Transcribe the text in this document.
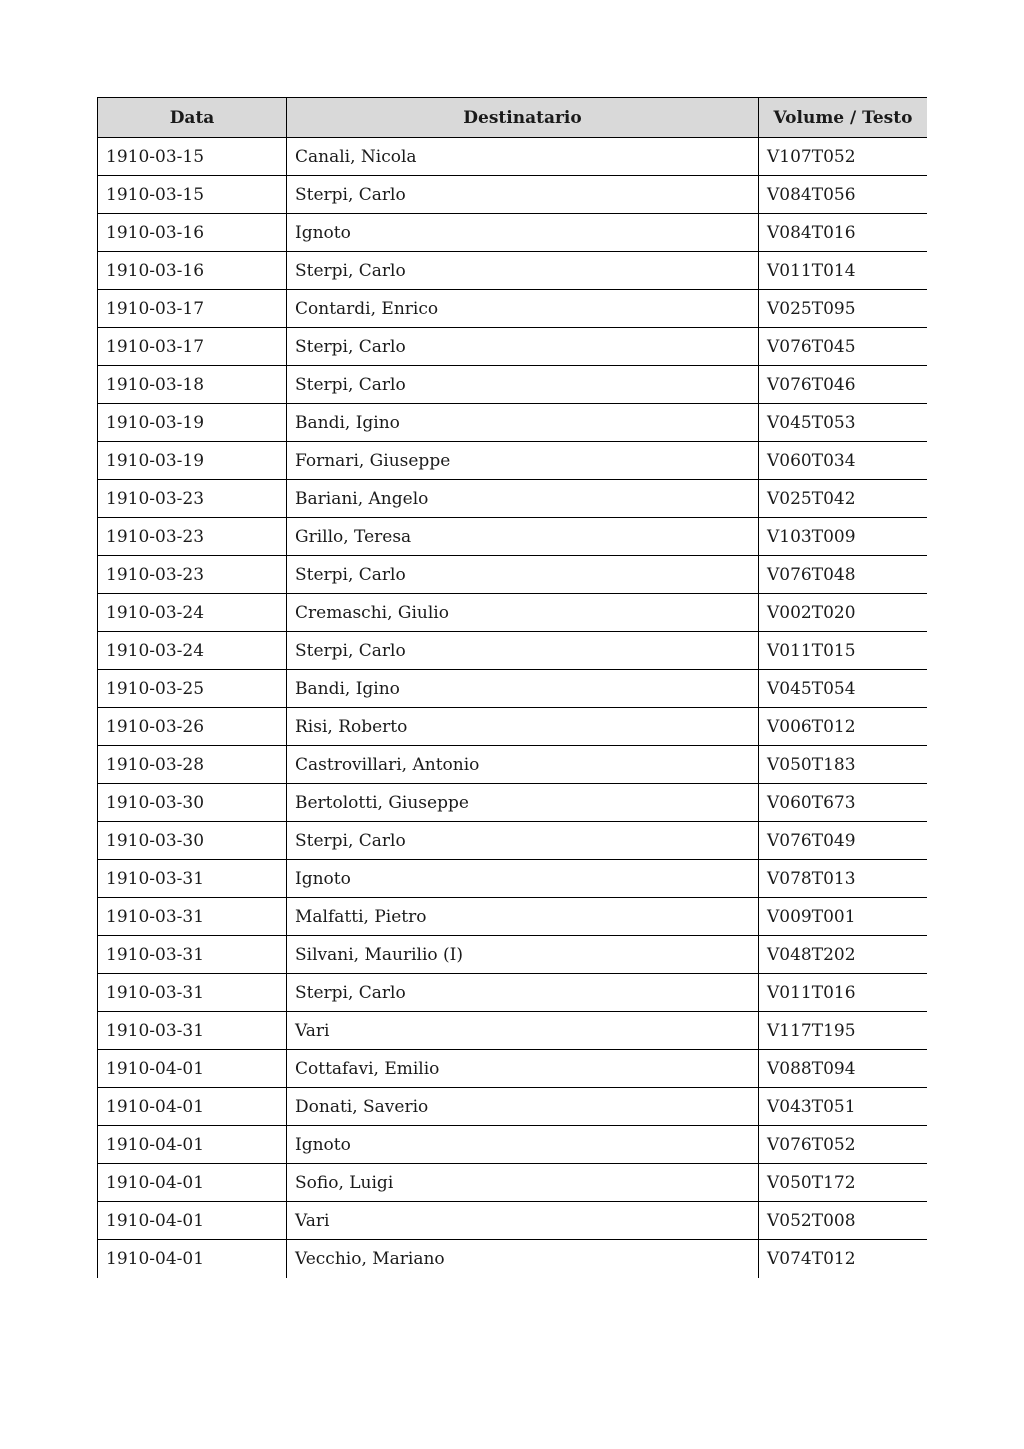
Data	Destinatario	Volume / Testo
1910-03-15	Canali, Nicola	V107T052
1910-03-15	Sterpi, Carlo	V084T056
1910-03-16	Ignoto	V084T016
1910-03-16	Sterpi, Carlo	V011T014
1910-03-17	Contardi, Enrico	V025T095
1910-03-17	Sterpi, Carlo	V076T045
1910-03-18	Sterpi, Carlo	V076T046
1910-03-19	Bandi, Igino	V045T053
1910-03-19	Fornari, Giuseppe	V060T034
1910-03-23	Bariani, Angelo	V025T042
1910-03-23	Grillo, Teresa	V103T009
1910-03-23	Sterpi, Carlo	V076T048
1910-03-24	Cremaschi, Giulio	V002T020
1910-03-24	Sterpi, Carlo	V011T015
1910-03-25	Bandi, Igino	V045T054
1910-03-26	Risi, Roberto	V006T012
1910-03-28	Castrovillari, Antonio	V050T183
1910-03-30	Bertolotti, Giuseppe	V060T673
1910-03-30	Sterpi, Carlo	V076T049
1910-03-31	Ignoto	V078T013
1910-03-31	Malfatti, Pietro	V009T001
1910-03-31	Silvani, Maurilio (I)	V048T202
1910-03-31	Sterpi, Carlo	V011T016
1910-03-31	Vari	V117T195
1910-04-01	Cottafavi, Emilio	V088T094
1910-04-01	Donati, Saverio	V043T051
1910-04-01	Ignoto	V076T052
1910-04-01	Sofio, Luigi	V050T172
1910-04-01	Vari	V052T008
1910-04-01	Vecchio, Mariano	V074T012
